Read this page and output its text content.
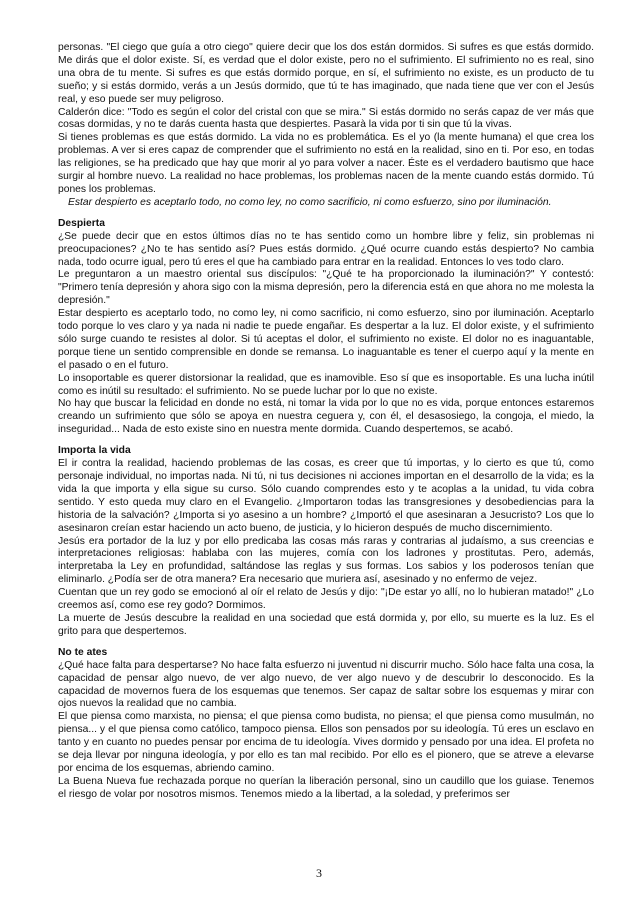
personas. "El ciego que guía a otro ciego" quiere decir que los dos están dormidos. Si sufres es que estás dormido. Me dirás que el dolor existe. Sí, es verdad que el dolor existe, pero no el sufrimiento. El sufrimiento no es real, sino una obra de tu mente. Si sufres es que estás dormido porque, en sí, el sufrimiento no existe, es un producto de tu sueño; y si estás dormido, verás a un Jesús dormido, que tú te has imaginado, que nada tiene que ver con el Jesús real, y eso puede ser muy peligroso.

Calderón dice: "Todo es según el color del cristal con que se mira." Si estás dormido no serás capaz de ver más que cosas dormidas, y no te darás cuenta hasta que despiertes. Pasarà la vida por ti sin que tú la vivas.

Si tienes problemas es que estás dormido. La vida no es problemática. Es el yo (la mente humana) el que crea los problemas. A ver si eres capaz de comprender que el sufrimiento no está en la realidad, sino en ti. Por eso, en todas las religiones, se ha predicado que hay que morir al yo para volver a nacer. Éste es el verdadero bautismo que hace surgir al hombre nuevo. La realidad no hace problemas, los problemas nacen de la mente cuando estás dormido. Tú pones los problemas.

Estar despierto es aceptarlo todo, no como ley, no como sacrificio, ni como esfuerzo, sino por iluminación.

Despierta

¿Se puede decir que en estos últimos días no te has sentido como un hombre libre y feliz, sin problemas ni preocupaciones? ¿No te has sentido así? Pues estás dormido. ¿Qué ocurre cuando estás despierto? No cambia nada, todo ocurre igual, pero tú eres el que ha cambiado para entrar en la realidad. Entonces lo ves todo claro.

Le preguntaron a un maestro oriental sus discípulos: "¿Qué te ha proporcionado la iluminación?" Y contestó: "Primero tenía depresión y ahora sigo con la misma depresión, pero la diferencia está en que ahora no me molesta la depresión."

Estar despierto es aceptarlo todo, no como ley, ni como sacrificio, ni como esfuerzo, sino por iluminación. Aceptarlo todo porque lo ves claro y ya nada ni nadie te puede engañar. Es despertar a la luz. El dolor existe, y el sufrimiento sólo surge cuando te resistes al dolor. Si tú aceptas el dolor, el sufrimiento no existe. El dolor no es inaguantable, porque tiene un sentido comprensible en donde se remansa. Lo inaguantable es tener el cuerpo aquí y la mente en el pasado o en el futuro.

Lo insoportable es querer distorsionar la realidad, que es inamovible. Eso sí que es insoportable. Es una lucha inútil como es inútil su resultado: el sufrimiento. No se puede luchar por lo que no existe.

No hay que buscar la felicidad en donde no está, ni tomar la vida por lo que no es vida, porque entonces estaremos creando un sufrimiento que sólo se apoya en nuestra ceguera y, con él, el desasosiego, la congoja, el miedo, la inseguridad... Nada de esto existe sino en nuestra mente dormida. Cuando despertemos, se acabó.

Importa la vida

El ir contra la realidad, haciendo problemas de las cosas, es creer que tú importas, y lo cierto es que tú, como personaje individual, no importas nada. Ni tú, ni tus decisiones ni acciones importan en el desarrollo de la vida; es la vida la que importa y ella sigue su curso. Sólo cuando comprendes esto y te acoplas a la unidad, tu vida cobra sentido. Y esto queda muy claro en el Evangelio. ¿Importaron todas las transgresiones y desobediencias para la historia de la salvación? ¿Importa si yo asesino a un hombre? ¿Importó el que asesinaran a Jesucristo? Los que lo asesinaron creían estar haciendo un acto bueno, de justicia, y lo hicieron después de mucho discernimiento.

Jesús era portador de la luz y por ello predicaba las cosas más raras y contrarias al judaísmo, a sus creencias e interpretaciones religiosas: hablaba con las mujeres, comía con los ladrones y prostitutas. Pero, además, interpretaba la Ley en profundidad, saltándose las reglas y sus formas. Los sabios y los poderosos tenían que eliminarlo. ¿Podía ser de otra manera? Era necesario que muriera así, asesinado y no enfermo de vejez.

Cuentan que un rey godo se emocionó al oír el relato de Jesús y dijo: "¡De estar yo allí, no lo hubieran matado!" ¿Lo creemos así, como ese rey godo? Dormimos.

La muerte de Jesús descubre la realidad en una sociedad que está dormida y, por ello, su muerte es la luz. Es el grito para que despertemos.

No te ates

¿Qué hace falta para despertarse? No hace falta esfuerzo ni juventud ni discurrir mucho. Sólo hace falta una cosa, la capacidad de pensar algo nuevo, de ver algo nuevo, de ver algo nuevo y de descubrir lo desconocido. Es la capacidad de movernos fuera de los esquemas que tenemos. Ser capaz de saltar sobre los esquemas y mirar con ojos nuevos la realidad que no cambia.

El que piensa como marxista, no piensa; el que piensa como budista, no piensa; el que piensa como musulmán, no piensa... y el que piensa como católico, tampoco piensa. Ellos son pensados por su ideología. Tú eres un esclavo en tanto y en cuanto no puedes pensar por encima de tu ideología. Vives dormido y pensado por una idea. El profeta no se deja llevar por ninguna ideología, y por ello es tan mal recibido. Por ello es el pionero, que se atreve a elevarse por encima de los esquemas, abriendo camino.

La Buena Nueva fue rechazada porque no querían la liberación personal, sino un caudillo que los guiase. Tenemos el riesgo de volar por nosotros mismos. Tenemos miedo a la libertad, a la soledad, y preferimos ser

3
